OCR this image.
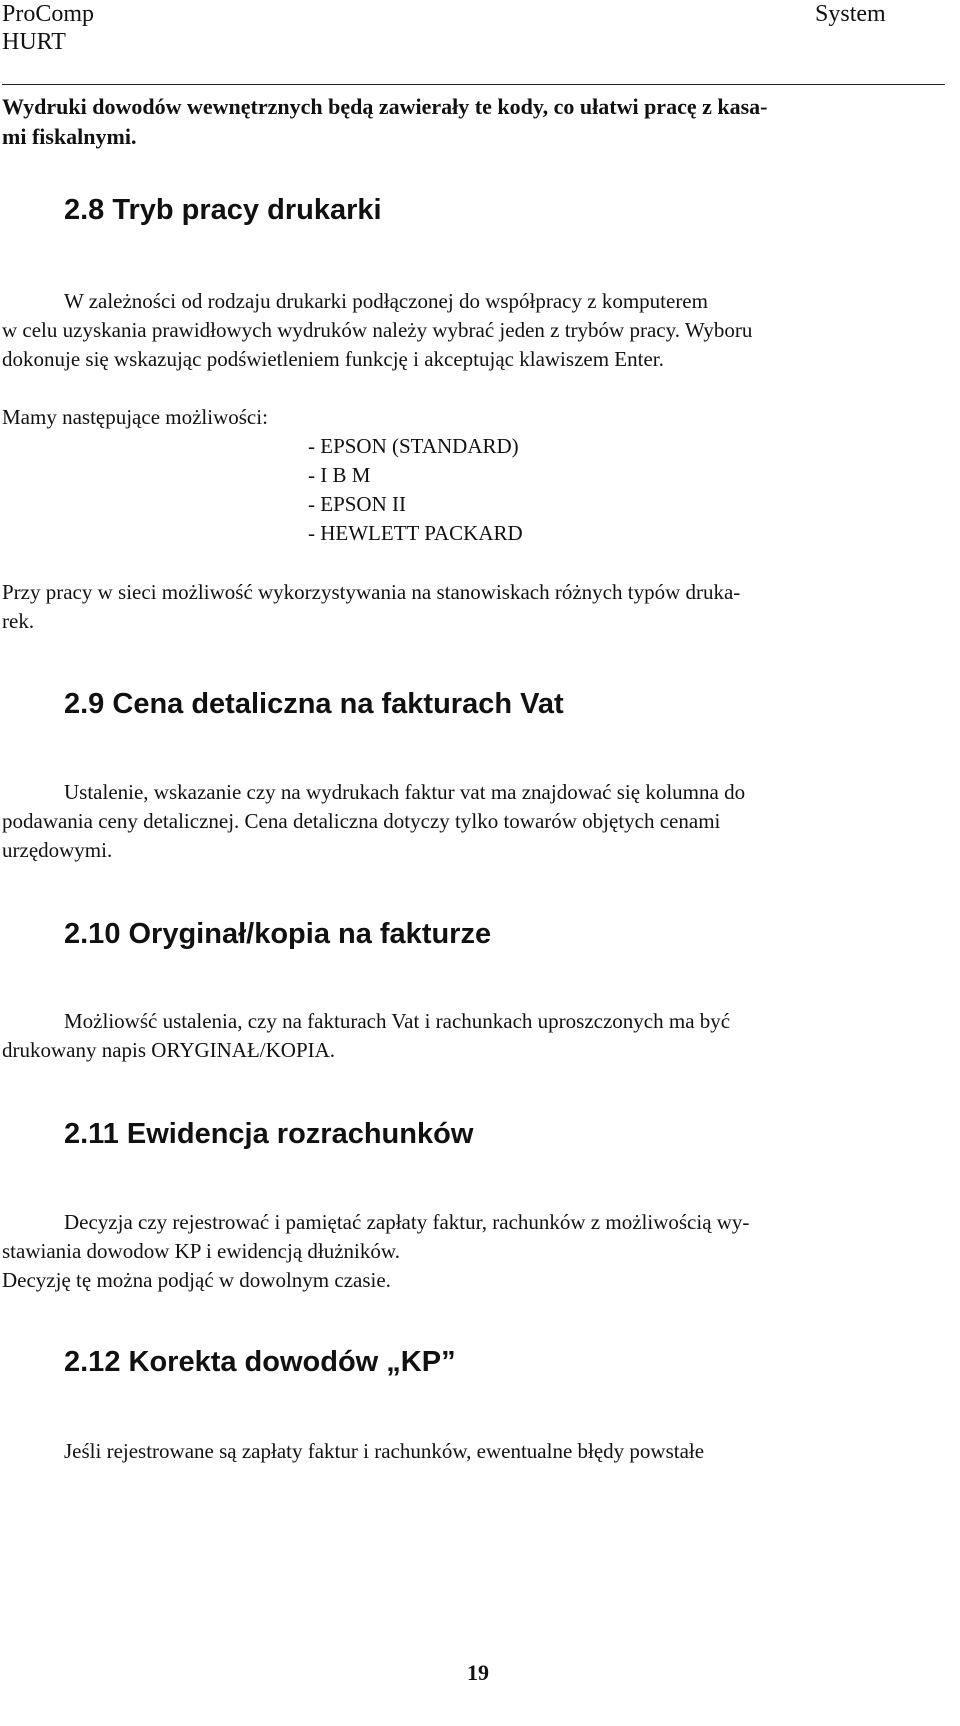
ProComp	System
HURT
Wydruki dowodów wewnętrznych będą zawierały te kody, co ułatwi pracę z kasa-
mi fiskalnymi.
2.8 Tryb pracy drukarki
W zależności od rodzaju drukarki podłączonej do współpracy z komputerem
w celu uzyskania prawidłowych wydruków należy wybrać jeden z trybów pracy. Wyboru
dokonuje się wskazując podświetleniem funkcję i akceptując klawiszem Enter.
Mamy następujące możliwości:
- EPSON (STANDARD)
- I B M
- EPSON II
- HEWLETT PACKARD
Przy pracy w sieci możliwość wykorzystywania na stanowiskach różnych typów druka-
rek.
2.9 Cena detaliczna na fakturach Vat
Ustalenie, wskazanie czy na wydrukach faktur vat ma znajdować się kolumna do
podawania ceny detalicznej. Cena detaliczna dotyczy tylko towarów objętych cenami
urzędowymi.
2.10 Oryginał/kopia na fakturze
Możliowść ustalenia, czy na fakturach Vat i rachunkach uproszczonych ma być
drukowany napis ORYGINAŁ/KOPIA.
2.11 Ewidencja rozrachunków
Decyzja czy rejestrować i pamiętać zapłaty faktur, rachunków z możliwością wy-
stawiania dowodow KP i ewidencją dłużników.
Decyzję tę można podjąć w dowolnym czasie.
2.12 Korekta dowodów „KP”
Jeśli rejestrowane są zapłaty faktur i rachunków, ewentualne błędy powstałe
19
